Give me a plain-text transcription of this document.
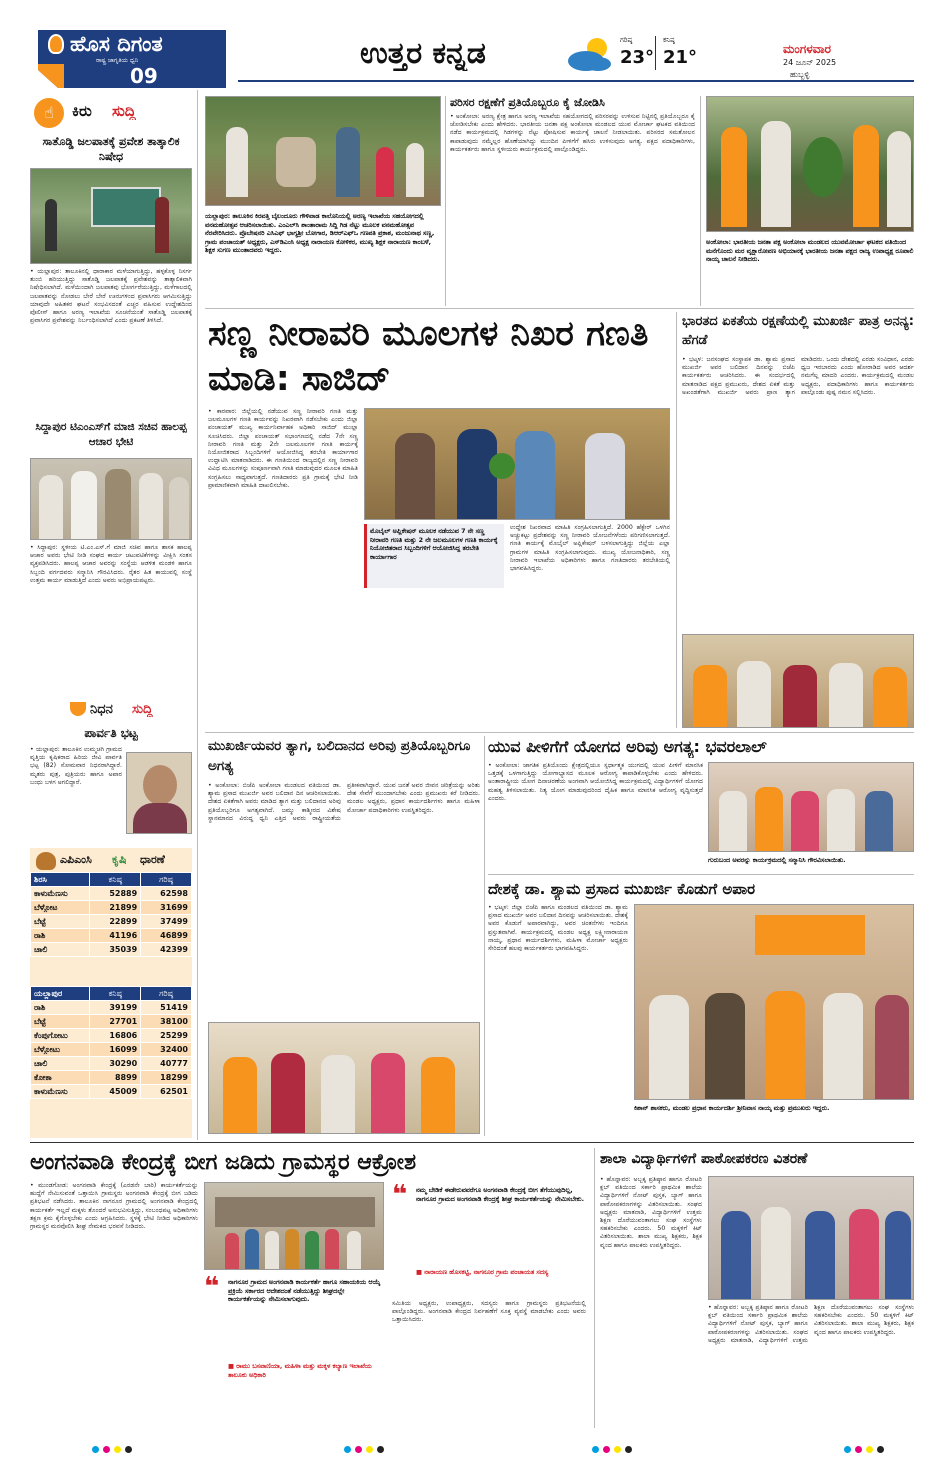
ಹೊಸ ದಿಗಂತ
ರಾಷ್ಟ್ರ ಜಾಗೃತಿಯ ಧ್ವನಿ
09
ಉತ್ತರ ಕನ್ನಡ	ಗರಿಷ್ಠ
23°
ಕನಿಷ್ಠ
21°	ಮಂಗಳವಾರ
24 ಜೂನ್ 2025
ಹುಬ್ಬಳ್ಳಿ
☝	ಕಿರು ಸುದ್ದಿ
ಸಾತೊಡ್ಡಿ ಜಲಪಾತಕ್ಕೆ ಪ್ರವೇಶ ತಾತ್ಕಾಲಿಕ ನಿಷೇಧ
• ಯಲ್ಲಾಪುರ: ತಾಲೂಕಿನಲ್ಲಿ ಧಾರಾಕಾರ ಮಳೆಯಾಗುತ್ತಿದ್ದು, ಹಳ್ಳಕೊಳ್ಳ ನಿಸರ್ಗ ತುಂಬಿ ಹರಿಯುತ್ತಿದ್ದು ಸಾತೊಡ್ಡಿ ಜಲಪಾತಕ್ಕೆ ಪ್ರವೇಶವನ್ನು ತಾತ್ಕಾಲಿಕವಾಗಿ ನಿಷೇಧಿಸಲಾಗಿದೆ. ಮಳೆಯಿಂದಾಗಿ ಜಲಪಾತವು ಭೋರ್ಗರೆಯುತ್ತಿದ್ದು, ಮಳೆಗಾಲದಲ್ಲಿ ಜಲಪಾತವನ್ನು ನೋಡಲು ಬೇರೆ ಬೇರೆ ಊರುಗಳಿಂದ ಪ್ರವಾಸಿಗರು ಆಗಮಿಸುತ್ತಿದ್ದು ಯಾವುದೇ ಅಹಿತಕರ ಘಟನೆ ಸಂಭವಿಸದಂತೆ ಎಚ್ಚರ ವಹಿಸುವ ಉದ್ದೇಶದಿಂದ ಪೊಲೀಸ್ ಹಾಗೂ ಅರಣ್ಯ ಇಲಾಖೆಯ ಸೂಚನೆಯಂತೆ ಸಾತೊಡ್ಡಿ ಜಲಪಾತಕ್ಕೆ ಪ್ರವಾಸಿಗರ ಪ್ರವೇಶವನ್ನು ನಿರ್ಬಂಧಿಸಲಾಗಿದೆ ಎಂದು ಪ್ರಕಟಣೆ ತಿಳಿಸಿದೆ.
ಸಿದ್ದಾಪುರ ಟಿಎಂಎಸ್‌ಗೆ ಮಾಜಿ ಸಚಿವ ಹಾಲಪ್ಪ ಆಚಾರ ಭೇಟಿ
• ಸಿದ್ದಾಪುರ: ಸ್ಥಳೀಯ ಟಿ.ಎಂ.ಎಸ್.ಗೆ ಮಾಜಿ ಸಚಿವ ಹಾಗೂ ಶಾಸಕ ಹಾಲಪ್ಪ ಆಚಾರ ಅವರು ಭೇಟಿ ನೀಡಿ ಸಂಘದ ಕಾರ್ಯ ಚಟುವಟಿಕೆಗಳನ್ನು ವೀಕ್ಷಿಸಿ ಸಂತಸ ವ್ಯಕ್ತಪಡಿಸಿದರು. ಹಾಲಪ್ಪ ಆಚಾರ ಅವರನ್ನು ಸಂಸ್ಥೆಯ ಆಡಳಿತ ಮಂಡಳಿ ಹಾಗೂ ಸಿಬ್ಬಂದಿ ವರ್ಗದವರು ಸನ್ಮಾನಿಸಿ ಗೌರವಿಸಿದರು. ರೈತರ ಹಿತ ಕಾಯುವಲ್ಲಿ ಸಂಸ್ಥೆ ಉತ್ತಮ ಕಾರ್ಯ ಮಾಡುತ್ತಿದೆ ಎಂದು ಅವರು ಅಭಿಪ್ರಾಯಪಟ್ಟರು.
ನಿಧನ ಸುದ್ದಿ
ಪಾರ್ವತಿ ಭಟ್ಟ
• ಯಲ್ಲಾಪುರ: ತಾಲೂಕಿನ ಉಮ್ಮಚಗಿ ಗ್ರಾಮದ ವೃತ್ತಿಯ ಕೃಷಿಕರಾದ ಹಿರಿಯ ಜೀವಿ ಪಾರ್ವತಿ ಭಟ್ಟ (82) ಸೋಮವಾರ ನಿಧನರಾಗಿದ್ದಾರೆ. ಮೃತರು ಪುತ್ರ, ಪುತ್ರಿಯರು ಹಾಗೂ ಅಪಾರ ಬಂಧು ಬಳಗ ಅಗಲಿದ್ದಾರೆ.
ಎಪಿಎಂಸಿ ಕೃಷಿ ಧಾರಣೆ
ಶಿರಸಿ	ಕನಿಷ್ಠ	ಗರಿಷ್ಠ
ಕಾಳುಮೆಣಸು	52889	62598
ಬೆಳ್ಗೋಟ	21899	31699
ಬೆಟ್ಟೆ	22899	37499
ರಾಶಿ	41196	46899
ಚಾಲಿ	35039	42399
ಯಲ್ಲಾಪುರ	ಕನಿಷ್ಠ	ಗರಿಷ್ಠ
ರಾಶಿ	39199	51419
ಬೆಟ್ಟೆ	27701	38100
ಕೆಂಪುಗೋಟು	16806	25299
ಬೆಳ್ಗೋಟು	16099	32400
ಚಾಲಿ	30290	40777
ಕೋಕಾ	8899	18299
ಕಾಳುಮೆಣಸು	45009	62501
ಯಲ್ಲಾಪುರ: ತಾಲೂಕಿನ ಕಿರವತ್ತಿ ಬೈಲಂದೂರು ಗೌಳಿವಾಡ ಕಾಲೊನಿಯಲ್ಲಿ ಅರಣ್ಯ ಇಲಾಖೆಯ ಸಹಯೋಗದಲ್ಲಿ ವನಮಹೋತ್ಸವ ಆಚರಿಸಲಾಯಿತು. ಎಂಎಲ್‌ಸಿ ಶಾಂತಾರಾಮ ಸಿದ್ದಿ ಗಿಡ ನೆಟ್ಟು ಮೂಲಕ ವನಮಹೋತ್ಸವ ನೆರವೇರಿಸಿದರು. ಪ್ರೊಬೇಷನರಿ ಎಸಿಎಫ್ ಭಾಗ್ಯಶ್ರೀ ಬೋಗಾರ, ಡಿಆರ್‌ಎಫ್‌ಒ ಗಣಪತಿ ಪ್ರಕಾಶ, ಮಂಜುನಾಥ ಸಣ್ಣ, ಗ್ರಾಮ ಪಂಚಾಯತ್ ಅಧ್ಯಕ್ಷರು, ಎಸ್‌ಡಿಎಂಸಿ ಅಧ್ಯಕ್ಷ ನಾರಾಯಣ ಕೋಳಿಕರ, ಮುಖ್ಯ ಶಿಕ್ಷಕ ನಾರಾಯಣ ಕಾಂಬಳೆ, ಶಿಕ್ಷಕ ಸುಗಣ ಮುಂತಾದವರು ಇದ್ದರು.
ಪರಿಸರ ರಕ್ಷಣೆಗೆ ಪ್ರತಿಯೊಬ್ಬರೂ ಕೈ ಜೋಡಿಸಿ
• ಅಂಕೋಲಾ: ಅರಣ್ಯ ಕ್ಷೇತ್ರ ಹಾಗೂ ಅರಣ್ಯ ಇಲಾಖೆಯ ಸಹಯೋಗದಲ್ಲಿ ಪರಿಸರವನ್ನು ಉಳಿಸುವ ನಿಟ್ಟಿನಲ್ಲಿ ಪ್ರತಿಯೊಬ್ಬರೂ ಕೈ ಜೋಡಿಸಬೇಕು ಎಂದು ಹೇಳಿದರು. ಭಾರತೀಯ ಜನತಾ ಪಕ್ಷ ಅಂಕೋಲಾ ಮಂಡಲದ ಯುವ ಮೋರ್ಚಾ ಘಟಕದ ವತಿಯಿಂದ ನಡೆದ ಕಾರ್ಯಕ್ರಮದಲ್ಲಿ ಗಿಡಗಳನ್ನು ನೆಟ್ಟು ಪೋಷಿಸುವ ಕಾರ್ಯಕ್ಕೆ ಚಾಲನೆ ನೀಡಲಾಯಿತು. ಪರಿಸರದ ಸಮತೋಲನ ಕಾಪಾಡುವುದು ನಮ್ಮೆಲ್ಲರ ಹೊಣೆಯಾಗಿದ್ದು ಮುಂದಿನ ಪೀಳಿಗೆಗೆ ಹಸಿರು ಉಳಿಸುವುದು ಅಗತ್ಯ. ಪಕ್ಷದ ಪದಾಧಿಕಾರಿಗಳು, ಕಾರ್ಯಕರ್ತರು ಹಾಗೂ ಸ್ಥಳೀಯರು ಕಾರ್ಯಕ್ರಮದಲ್ಲಿ ಪಾಲ್ಗೊಂಡಿದ್ದರು.
ಅಂಕೋಲಾ: ಭಾರತೀಯ ಜನತಾ ಪಕ್ಷ ಅಂಕೋಲಾ ಮಂಡಲದ ಯುವಮೋರ್ಚಾ ಘಟಕದ ವತಿಯಿಂದ ಮನೆಗೊಂದು ಮರ ವೃಕ್ಷಾರೋಪಣ ಅಭಿಯಾನಕ್ಕೆ ಭಾರತೀಯ ಜನತಾ ಪಕ್ಷದ ರಾಜ್ಯ ಉಪಾಧ್ಯಕ್ಷ ರೂಪಾಲಿ ನಾಯ್ಕ ಚಾಲನೆ ನೀಡಿದರು.
ಸಣ್ಣ ನೀರಾವರಿ ಮೂಲಗಳ ನಿಖರ ಗಣತಿ ಮಾಡಿ: ಸಾಜಿದ್
• ಕಾರವಾರ: ಜಿಲ್ಲೆಯಲ್ಲಿ ನಡೆಯುವ ಸಣ್ಣ ನೀರಾವರಿ ಗಣತಿ ಮತ್ತು ಜಲಮೂಲಗಳ ಗಣತಿ ಕಾರ್ಯವನ್ನು ನಿಖರವಾಗಿ ನಡೆಸಬೇಕು ಎಂದು ಜಿಲ್ಲಾ ಪಂಚಾಯತ್ ಮುಖ್ಯ ಕಾರ್ಯನಿರ್ವಾಹಕ ಅಧಿಕಾರಿ ಸಾಜಿದ್ ಮುಲ್ಲಾ ಸೂಚಿಸಿದರು. ಜಿಲ್ಲಾ ಪಂಚಾಯತ್ ಸಭಾಂಗಣದಲ್ಲಿ ನಡೆದ 7ನೇ ಸಣ್ಣ ನೀರಾವರಿ ಗಣತಿ ಮತ್ತು 2ನೇ ಜಲಮೂಲಗಳ ಗಣತಿ ಕಾರ್ಯಕ್ಕೆ ನಿಯೋಜಿತರಾದ ಸಿಬ್ಬಂದಿಗಳಿಗೆ ಆಯೋಜಿಸಿದ್ದ ತರಬೇತಿ ಕಾರ್ಯಾಗಾರ ಉದ್ಘಾಟಿಸಿ ಮಾತನಾಡಿದರು. ಈ ಗಣತಿಯಿಂದ ರಾಜ್ಯದಲ್ಲಿನ ಸಣ್ಣ ನೀರಾವರಿ ವಿವಿಧ ಮೂಲಗಳನ್ನು ಸಂಪೂರ್ಣವಾಗಿ ಗಣತಿ ಮಾಡುವುದರ ಮೂಲಕ ಮಾಹಿತಿ ಸಂಗ್ರಹಿಸಲು ಸಾಧ್ಯವಾಗುತ್ತದೆ. ಗಣತಿದಾರರು ಪ್ರತಿ ಗ್ರಾಮಕ್ಕೆ ಭೇಟಿ ನೀಡಿ ಪ್ರಾಮಾಣಿಕವಾಗಿ ಮಾಹಿತಿ ದಾಖಲಿಸಬೇಕು.
ಮೊಬೈಲ್ ಅಪ್ಲಿಕೇಷನ್ ಮೂಲಕ ನಡೆಯುವ 7 ನೇ ಸಣ್ಣ ನೀರಾವರಿ ಗಣತಿ ಮತ್ತು 2 ನೇ ಜಲಮೂಲಗಳ ಗಣತಿ ಕಾರ್ಯಕ್ಕೆ ನಿಯೋಜಿತರಾದ ಸಿಬ್ಬಂದಿಗಳಿಗೆ ಆಯೋಜಿಸಿದ್ದ ತರಬೇತಿ ಕಾರ್ಯಾಗಾರ
ಉದ್ದೇಶ ನಿಖರವಾದ ಮಾಹಿತಿ ಸಂಗ್ರಹಿಸಲಾಗುತ್ತಿದೆ. 2000 ಹೆಕ್ಟೇರ್ ಒಳಗಿನ ಅಚ್ಚುಕಟ್ಟು ಪ್ರದೇಶವನ್ನು ಸಣ್ಣ ನೀರಾವರಿ ಯೋಜನೆಗಳೆಂದು ಪರಿಗಣಿಸಲಾಗುತ್ತದೆ. ಗಣತಿ ಕಾರ್ಯಕ್ಕೆ ಮೊಬೈಲ್ ಅಪ್ಲಿಕೇಷನ್ ಬಳಸಲಾಗುತ್ತಿದ್ದು ಜಿಲ್ಲೆಯ ಎಲ್ಲಾ ಗ್ರಾಮಗಳ ಮಾಹಿತಿ ಸಂಗ್ರಹಿಸಲಾಗುವುದು. ಮುಖ್ಯ ಯೋಜನಾಧಿಕಾರಿ, ಸಣ್ಣ ನೀರಾವರಿ ಇಲಾಖೆಯ ಅಧಿಕಾರಿಗಳು ಹಾಗೂ ಗಣತಿದಾರರು ತರಬೇತಿಯಲ್ಲಿ ಭಾಗವಹಿಸಿದ್ದರು.
ಭಾರತದ ಏಕತೆಯ ರಕ್ಷಣೆಯಲ್ಲಿ ಮುಖರ್ಜಿ ಪಾತ್ರ ಅನನ್ಯ: ಹೆಗಡೆ
• ಭಟ್ಕಳ: ಜನಸಂಘದ ಸಂಸ್ಥಾಪಕ ಡಾ. ಶ್ಯಾಮ ಪ್ರಸಾದ ಮುಖರ್ಜಿ ಅವರ ಬಲಿದಾನ ದಿನವನ್ನು ಬಿಜೆಪಿ ಕಾರ್ಯಕರ್ತರು ಆಚರಿಸಿದರು. ಈ ಸಂದರ್ಭದಲ್ಲಿ ಮಾತನಾಡಿದ ಪಕ್ಷದ ಪ್ರಮುಖರು, ದೇಶದ ಏಕತೆ ಮತ್ತು ಅಖಂಡತೆಗಾಗಿ ಮುಖರ್ಜಿ ಅವರು ಪ್ರಾಣ ತ್ಯಾಗ ಮಾಡಿದರು. ಒಂದು ದೇಶದಲ್ಲಿ ಎರಡು ಸಂವಿಧಾನ, ಎರಡು ಧ್ವಜ ಇರಬಾರದು ಎಂದು ಹೋರಾಡಿದ ಅವರ ಆದರ್ಶ ನಮಗೆಲ್ಲ ಮಾದರಿ ಎಂದರು. ಕಾರ್ಯಕ್ರಮದಲ್ಲಿ ಮಂಡಲ ಅಧ್ಯಕ್ಷರು, ಪದಾಧಿಕಾರಿಗಳು ಹಾಗೂ ಕಾರ್ಯಕರ್ತರು ಪಾಲ್ಗೊಂಡು ಪುಷ್ಪ ನಮನ ಸಲ್ಲಿಸಿದರು.
ಮುಖರ್ಜಿಯವರ ತ್ಯಾಗ, ಬಲಿದಾನದ ಅರಿವು ಪ್ರತಿಯೊಬ್ಬರಿಗೂ ಅಗತ್ಯ
• ಅಂಕೋಲಾ: ಬಿಜೆಪಿ ಅಂಕೋಲಾ ಮಂಡಲದ ವತಿಯಿಂದ ಡಾ. ಶ್ಯಾಮ ಪ್ರಸಾದ ಮುಖರ್ಜಿ ಅವರ ಬಲಿದಾನ ದಿನ ಆಚರಿಸಲಾಯಿತು. ದೇಶದ ಏಕತೆಗಾಗಿ ಅವರು ಮಾಡಿದ ತ್ಯಾಗ ಮತ್ತು ಬಲಿದಾನದ ಅರಿವು ಪ್ರತಿಯೊಬ್ಬರಿಗೂ ಅಗತ್ಯವಾಗಿದೆ. ಜಮ್ಮು ಕಾಶ್ಮೀರದ ವಿಶೇಷ ಸ್ಥಾನಮಾನದ ವಿರುದ್ಧ ಧ್ವನಿ ಎತ್ತಿದ ಅವರು ರಾಷ್ಟ್ರೀಯತೆಯ ಪ್ರತೀಕವಾಗಿದ್ದಾರೆ. ಯುವ ಜನತೆ ಅವರ ಜೀವನ ಚರಿತ್ರೆಯನ್ನು ಅರಿತು ದೇಶ ಸೇವೆಗೆ ಮುಂದಾಗಬೇಕು ಎಂದು ಪ್ರಮುಖರು ಕರೆ ನೀಡಿದರು. ಮಂಡಲ ಅಧ್ಯಕ್ಷರು, ಪ್ರಧಾನ ಕಾರ್ಯದರ್ಶಿಗಳು ಹಾಗೂ ಮಹಿಳಾ ಮೋರ್ಚಾ ಪದಾಧಿಕಾರಿಗಳು ಉಪಸ್ಥಿತರಿದ್ದರು.
ಯುವ ಪೀಳಿಗೆಗೆ ಯೋಗದ ಅರಿವು ಅಗತ್ಯ: ಭವರಲಾಲ್
• ಅಂಕೋಲಾ: ಜಾಗತಿಕ ಪ್ರತಿಯೊಂದು ಕ್ಷೇತ್ರದಲ್ಲಿಯೂ ಸ್ಪರ್ಧಾತ್ಮಕ ಯುಗದಲ್ಲಿ ಯುವ ಪೀಳಿಗೆ ಮಾನಸಿಕ ಒತ್ತಡಕ್ಕೆ ಒಳಗಾಗುತ್ತಿದ್ದು ಯೋಗಾಭ್ಯಾಸದ ಮೂಲಕ ಆರೋಗ್ಯ ಕಾಪಾಡಿಕೊಳ್ಳಬೇಕು ಎಂದು ಹೇಳಿದರು. ಅಂತಾರಾಷ್ಟ್ರೀಯ ಯೋಗ ದಿನಾಚರಣೆಯ ಅಂಗವಾಗಿ ಆಯೋಜಿಸಿದ್ದ ಕಾರ್ಯಕ್ರಮದಲ್ಲಿ ವಿದ್ಯಾರ್ಥಿಗಳಿಗೆ ಯೋಗದ ಮಹತ್ವ ತಿಳಿಸಲಾಯಿತು. ನಿತ್ಯ ಯೋಗ ಮಾಡುವುದರಿಂದ ದೈಹಿಕ ಹಾಗೂ ಮಾನಸಿಕ ಆರೋಗ್ಯ ವೃದ್ಧಿಸುತ್ತದೆ ಎಂದರು.
ಗುರುಬಂದ ಅವರನ್ನು ಕಾರ್ಯಕ್ರಮದಲ್ಲಿ ಸನ್ಮಾನಿಸಿ ಗೌರವಿಸಲಾಯಿತು.
ದೇಶಕ್ಕೆ ಡಾ. ಶ್ಯಾಮ ಪ್ರಸಾದ ಮುಖರ್ಜಿ ಕೊಡುಗೆ ಅಪಾರ
• ಭಟ್ಕಳ: ಜಿಲ್ಲಾ ಬಿಜೆಪಿ ಹಾಗೂ ಮಂಡಲದ ವತಿಯಿಂದ ಡಾ. ಶ್ಯಾಮ ಪ್ರಸಾದ ಮುಖರ್ಜಿ ಅವರ ಬಲಿದಾನ ದಿನವನ್ನು ಆಚರಿಸಲಾಯಿತು. ದೇಶಕ್ಕೆ ಅವರ ಕೊಡುಗೆ ಅಪಾರವಾಗಿದ್ದು, ಅವರ ಚಿಂತನೆಗಳು ಇಂದಿಗೂ ಪ್ರಸ್ತುತವಾಗಿವೆ. ಕಾರ್ಯಕ್ರಮದಲ್ಲಿ ಮಂಡಲ ಅಧ್ಯಕ್ಷ ಲಕ್ಷ್ಮೀನಾರಾಯಣ ನಾಯ್ಕ, ಪ್ರಧಾನ ಕಾರ್ಯದರ್ಶಿಗಳು, ಮಹಿಳಾ ಮೋರ್ಚಾ ಅಧ್ಯಕ್ಷರು ಸೇರಿದಂತೆ ಹಲವು ಕಾರ್ಯಕರ್ತರು ಭಾಗವಹಿಸಿದ್ದರು.
ಕಿಶಾನ್ ಶಾಸಕರು, ಮಂಡಲ ಪ್ರಧಾನ ಕಾರ್ಯದರ್ಶಿ ಶ್ರೀನಿವಾಸ ನಾಯ್ಕ ಮತ್ತು ಪ್ರಮುಖರು ಇದ್ದರು.
ಅಂಗನವಾಡಿ ಕೇಂದ್ರಕ್ಕೆ ಬೀಗ ಜಡಿದು ಗ್ರಾಮಸ್ಥರ ಆಕ್ರೋಶ
• ಮುಂಡಗೋಡ: ಅಂಗನವಾಡಿ ಕೇಂದ್ರಕ್ಕೆ (ಎರಡನೇ ಬಾರಿ) ಕಾರ್ಯಕರ್ತೆಯನ್ನು ಹುದ್ದೆಗೆ ನೇಮಿಸುವಂತೆ ಒತ್ತಾಯಿಸಿ ಗ್ರಾಮಸ್ಥರು ಅಂಗನವಾಡಿ ಕೇಂದ್ರಕ್ಕೆ ಬೀಗ ಜಡಿದು ಪ್ರತಿಭಟನೆ ನಡೆಸಿದರು. ತಾಲೂಕಿನ ನಾಗನೂರ ಗ್ರಾಮದಲ್ಲಿ ಅಂಗನವಾಡಿ ಕೇಂದ್ರದಲ್ಲಿ ಕಾರ್ಯಕರ್ತೆ ಇಲ್ಲದೆ ಮಕ್ಕಳು ತೊಂದರೆ ಅನುಭವಿಸುತ್ತಿದ್ದು, ಸಂಬಂಧಪಟ್ಟ ಅಧಿಕಾರಿಗಳು ತಕ್ಷಣ ಕ್ರಮ ಕೈಗೊಳ್ಳಬೇಕು ಎಂದು ಆಗ್ರಹಿಸಿದರು. ಸ್ಥಳಕ್ಕೆ ಭೇಟಿ ನೀಡಿದ ಅಧಿಕಾರಿಗಳು ಗ್ರಾಮಸ್ಥರ ಮನವೊಲಿಸಿ ಶೀಘ್ರ ನೇಮಕದ ಭರವಸೆ ನೀಡಿದರು.
❝ ನಾಗನೂರ ಗ್ರಾಮದ ಅಂಗನವಾಡಿ ಕಾರ್ಯಕರ್ತೆ ಹಾಗೂ ಸಹಾಯಕಿಯ ಆಯ್ಕೆ ಪ್ರಕ್ರಿಯೆ ಸರ್ಕಾರದ ಆದೇಶದಂತೆ ನಡೆಯುತ್ತಿದ್ದು ಶೀಘ್ರದಲ್ಲೇ ಕಾರ್ಯಕರ್ತೆಯನ್ನು ನೇಮಿಸಲಾಗುವುದು.
■ ರಾಮು ಬಸವಾಣಿಯಾ, ಮಹಿಳಾ ಮತ್ತು ಮಕ್ಕಳ ಕಲ್ಯಾಣ ಇಲಾಖೆಯ ತಾಲೂಕು ಅಧಿಕಾರಿ
❝ ನಮ್ಮ ಬೇಡಿಕೆ ಈಡೇರುವವರೆಗೂ ಅಂಗನವಾಡಿ ಕೇಂದ್ರಕ್ಕೆ ಬೀಗ ತೆಗೆಯುವುದಿಲ್ಲ, ನಾಗನೂರ ಗ್ರಾಮದ ಅಂಗನವಾಡಿ ಕೇಂದ್ರಕ್ಕೆ ಶೀಘ್ರ ಕಾರ್ಯಕರ್ತೆಯನ್ನು ನೇಮಿಸಬೇಕು.
■ ನಾರಾಯಣ ಹೊಸಕಟ್ಟಿ, ನಾಗನೂರ ಗ್ರಾಮ ಪಂಚಾಯತ ಸದಸ್ಯ
ಸಮಿತಿಯ ಅಧ್ಯಕ್ಷರು, ಉಪಾಧ್ಯಕ್ಷರು, ಸದಸ್ಯರು ಹಾಗೂ ಗ್ರಾಮಸ್ಥರು ಪ್ರತಿಭಟನೆಯಲ್ಲಿ ಪಾಲ್ಗೊಂಡಿದ್ದರು. ಅಂಗನವಾಡಿ ಕೇಂದ್ರದ ನಿರ್ವಹಣೆಗೆ ಸೂಕ್ತ ವ್ಯವಸ್ಥೆ ಮಾಡಬೇಕು ಎಂದು ಅವರು ಒತ್ತಾಯಿಸಿದರು.
ಶಾಲಾ ವಿದ್ಯಾರ್ಥಿಗಳಿಗೆ ಪಾಠೋಪಕರಣ ವಿತರಣೆ
• ಹೊನ್ನಾವರ: ಅಬ್ಬಕ್ಕ ಪ್ರತಿಷ್ಠಾನ ಹಾಗೂ ರೋಟರಿ ಕ್ಲಬ್ ವತಿಯಿಂದ ಸರ್ಕಾರಿ ಪ್ರಾಥಮಿಕ ಶಾಲೆಯ ವಿದ್ಯಾರ್ಥಿಗಳಿಗೆ ನೋಟ್ ಪುಸ್ತಕ, ಬ್ಯಾಗ್ ಹಾಗೂ ಪಾಠೋಪಕರಣಗಳನ್ನು ವಿತರಿಸಲಾಯಿತು. ಸಂಘದ ಅಧ್ಯಕ್ಷರು ಮಾತನಾಡಿ, ವಿದ್ಯಾರ್ಥಿಗಳಿಗೆ ಉತ್ತಮ ಶಿಕ್ಷಣ ದೊರೆಯುವಂತಾಗಲು ಸಂಘ ಸಂಸ್ಥೆಗಳು ಸಹಕರಿಸಬೇಕು ಎಂದರು. 50 ಮಕ್ಕಳಿಗೆ ಕಿಟ್ ವಿತರಿಸಲಾಯಿತು. ಶಾಲಾ ಮುಖ್ಯ ಶಿಕ್ಷಕರು, ಶಿಕ್ಷಕ ವೃಂದ ಹಾಗೂ ಪಾಲಕರು ಉಪಸ್ಥಿತರಿದ್ದರು.
• ಹೊನ್ನಾವರ: ಅಬ್ಬಕ್ಕ ಪ್ರತಿಷ್ಠಾನ ಹಾಗೂ ರೋಟರಿ ಕ್ಲಬ್ ವತಿಯಿಂದ ಸರ್ಕಾರಿ ಪ್ರಾಥಮಿಕ ಶಾಲೆಯ ವಿದ್ಯಾರ್ಥಿಗಳಿಗೆ ನೋಟ್ ಪುಸ್ತಕ, ಬ್ಯಾಗ್ ಹಾಗೂ ಪಾಠೋಪಕರಣಗಳನ್ನು ವಿತರಿಸಲಾಯಿತು. ಸಂಘದ ಅಧ್ಯಕ್ಷರು ಮಾತನಾಡಿ, ವಿದ್ಯಾರ್ಥಿಗಳಿಗೆ ಉತ್ತಮ ಶಿಕ್ಷಣ ದೊರೆಯುವಂತಾಗಲು ಸಂಘ ಸಂಸ್ಥೆಗಳು ಸಹಕರಿಸಬೇಕು ಎಂದರು. 50 ಮಕ್ಕಳಿಗೆ ಕಿಟ್ ವಿತರಿಸಲಾಯಿತು. ಶಾಲಾ ಮುಖ್ಯ ಶಿಕ್ಷಕರು, ಶಿಕ್ಷಕ ವೃಂದ ಹಾಗೂ ಪಾಲಕರು ಉಪಸ್ಥಿತರಿದ್ದರು.
